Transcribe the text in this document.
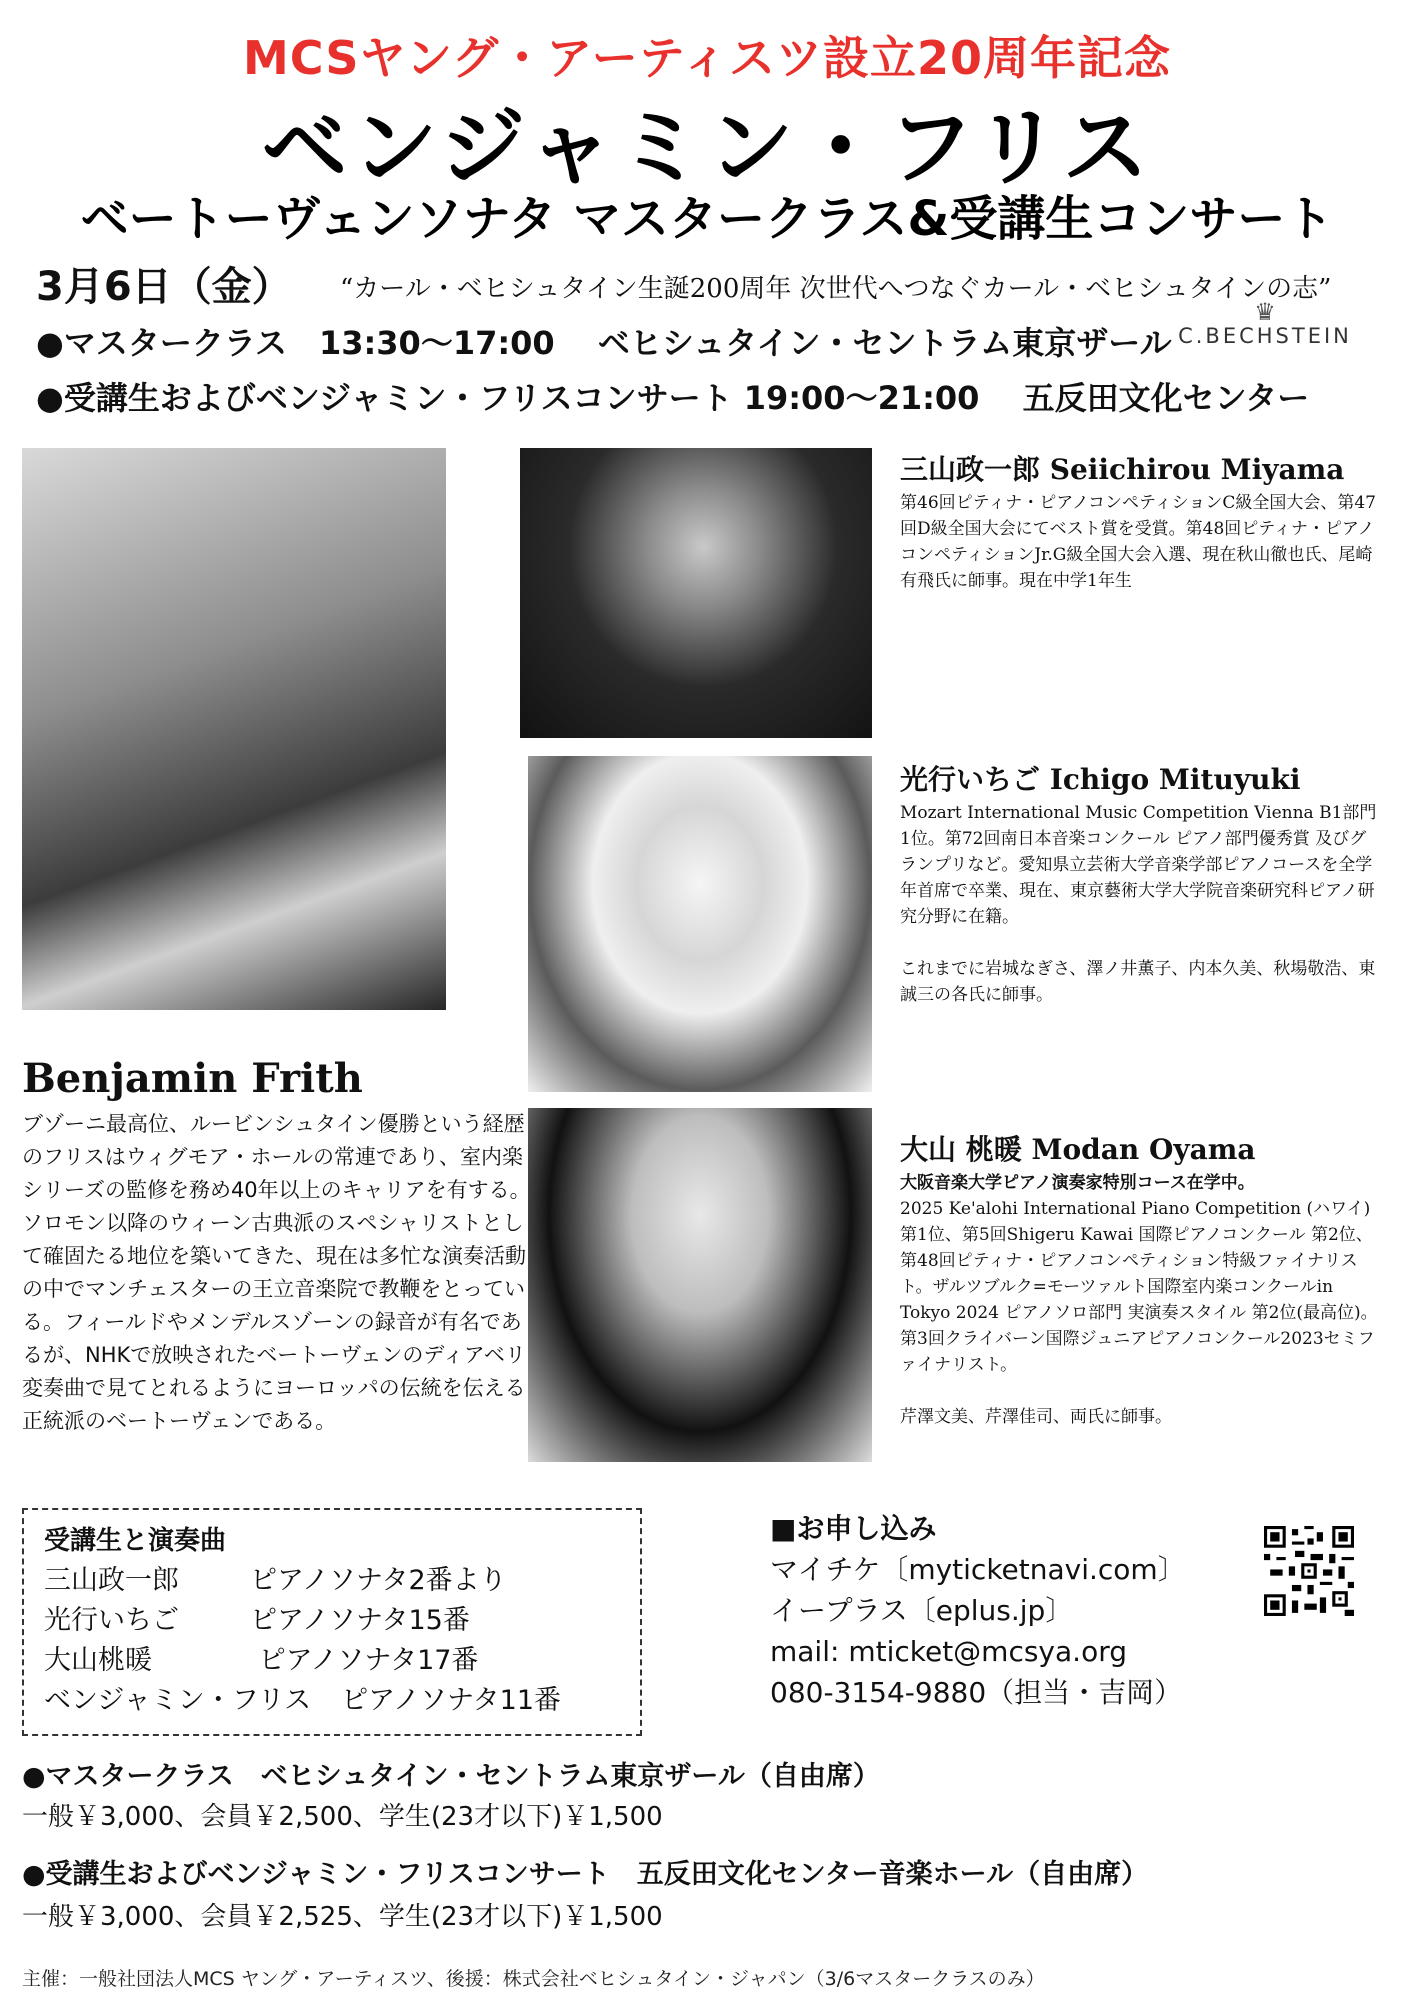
MCSヤング・アーティスツ設立20周年記念
ベンジャミン・フリス
ベートーヴェンソナタ マスタークラス&受講生コンサート
3月6日（金） “カール・ベヒシュタイン生誕200周年 次世代へつなぐカール・ベヒシュタインの志”
●マスタークラス　13:30〜17:00　 ベヒシュタイン・セントラム東京ザール
●受講生およびベンジャミン・フリスコンサート 19:00〜21:00 　五反田文化センター
♛
C.BECHSTEIN
三山政一郎 Seiichirou Miyama
第46回ピティナ・ピアノコンペティションC級全国大会、第47回D級全国大会にてベスト賞を受賞。第48回ピティナ・ピアノコンペティションJr.G級全国大会入選、現在秋山徹也氏、尾崎有飛氏に師事。現在中学1年生
光行いちご Ichigo Mituyuki
Mozart International Music Competition Vienna B1部門 1位。第72回南日本音楽コンクール ピアノ部門優秀賞 及びグランプリなど。愛知県立芸術大学音楽学部ピアノコースを全学年首席で卒業、現在、東京藝術大学大学院音楽研究科ピアノ研究分野に在籍。
これまでに岩城なぎさ、澤ノ井薫子、内本久美、秋場敬浩、東誠三の各氏に師事。
大山 桃暖 Modan Oyama
大阪音楽大学ピアノ演奏家特別コース在学中。
2025 Ke'alohi International Piano Competition (ハワイ)第1位、第5回Shigeru Kawai 国際ピアノコンクール 第2位、第48回ピティナ・ピアノコンペティション特級ファイナリスト。ザルツブルク=モーツァルト国際室内楽コンクールin Tokyo 2024 ピアノソロ部門 実演奏スタイル 第2位(最高位)。第3回クライバーン国際ジュニアピアノコンクール2023セミファイナリスト。
芹澤文美、芹澤佳司、両氏に師事。
Benjamin Frith
ブゾーニ最高位、ルービンシュタイン優勝という経歴のフリスはウィグモア・ホールの常連であり、室内楽シリーズの監修を務め40年以上のキャリアを有する。ソロモン以降のウィーン古典派のスペシャリストとして確固たる地位を築いてきた、現在は多忙な演奏活動の中でマンチェスターの王立音楽院で教鞭をとっている。フィールドやメンデルスゾーンの録音が有名であるが、NHKで放映されたベートーヴェンのディアベリ変奏曲で見てとれるようにヨーロッパの伝統を伝える正統派のベートーヴェンである。
受講生と演奏曲
三山政一郎	ピアノソナタ2番より
光行いちご	ピアノソナタ15番
大山桃暖	ピアノソナタ17番
ベンジャミン・フリス ピアノソナタ11番
■お申し込み
マイチケ〔myticketnavi.com〕
イープラス〔eplus.jp〕
mail: mticket@mcsya.org
080-3154-9880（担当・吉岡）
●マスタークラス　ベヒシュタイン・セントラム東京ザール（自由席）
一般￥3,000、会員￥2,500、学生(23才以下)￥1,500
●受講生およびベンジャミン・フリスコンサート　五反田文化センター音楽ホール（自由席）
一般￥3,000、会員￥2,525、学生(23才以下)￥1,500
主催：一般社団法人MCS ヤング・アーティスツ、後援：株式会社ベヒシュタイン・ジャパン（3/6マスタークラスのみ）
